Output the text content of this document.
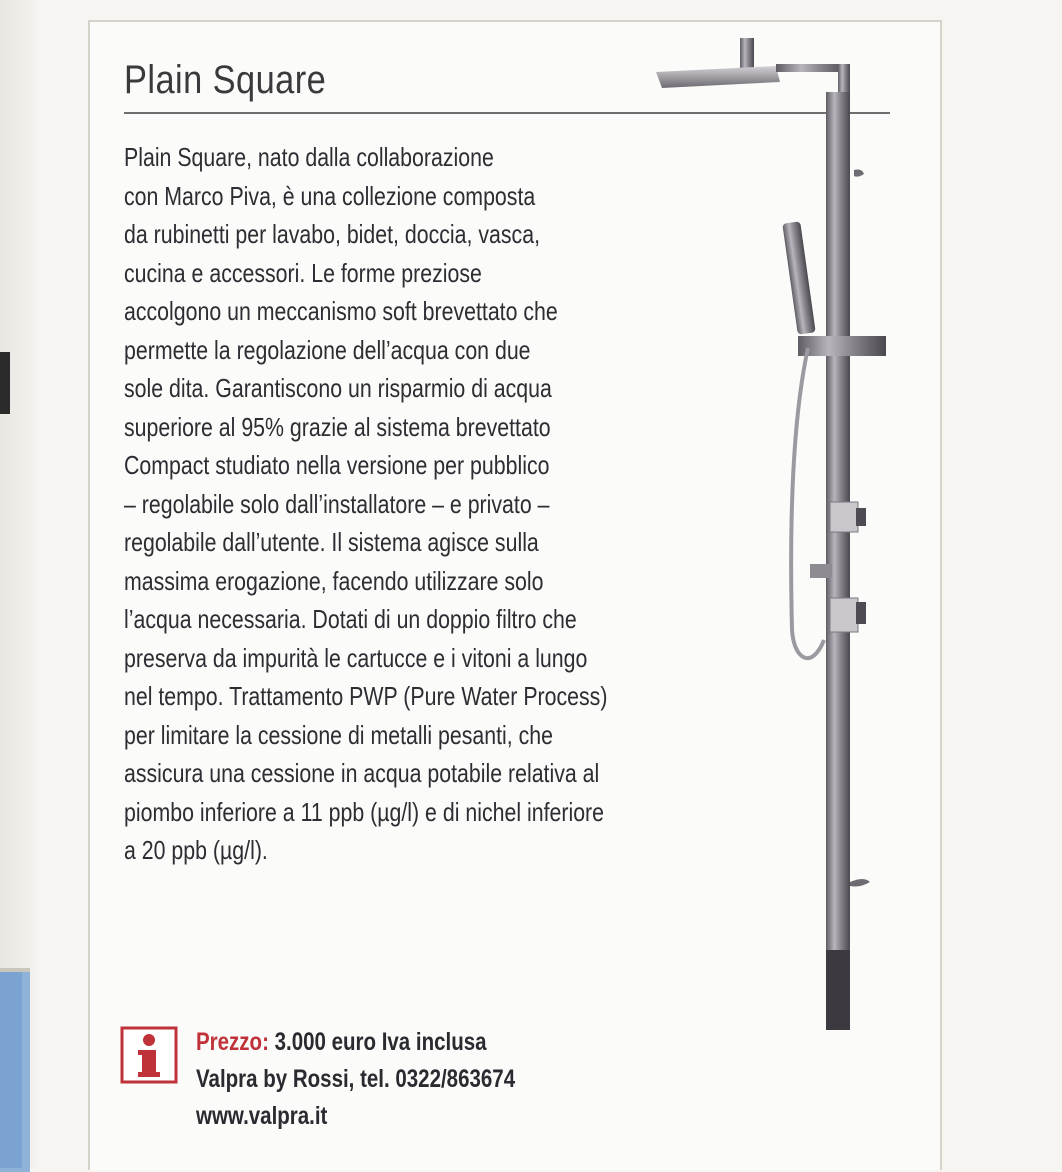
Plain Square
Plain Square, nato dalla collaborazione
con Marco Piva, è una collezione composta
da rubinetti per lavabo, bidet, doccia, vasca,
cucina e accessori. Le forme preziose
accolgono un meccanismo soft brevettato che
permette la regolazione dell’acqua con due
sole dita. Garantiscono un risparmio di acqua
superiore al 95% grazie al sistema brevettato
Compact studiato nella versione per pubblico
– regolabile solo dall’installatore – e privato –
regolabile dall’utente. Il sistema agisce sulla
massima erogazione, facendo utilizzare solo
l’acqua necessaria. Dotati di un doppio filtro che
preserva da impurità le cartucce e i vitoni a lungo
nel tempo. Trattamento PWP (Pure Water Process)
per limitare la cessione di metalli pesanti, che
assicura una cessione in acqua potabile relativa al
piombo inferiore a 11 ppb (µg/l) e di nichel inferiore
a 20 ppb (µg/l).
Prezzo: 3.000 euro Iva inclusa
Valpra by Rossi, tel. 0322/863674
www.valpra.it
